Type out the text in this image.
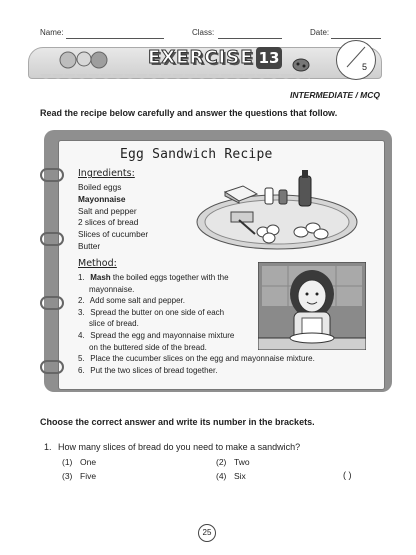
Name:	Class:	Date:
EXERCISE 13	5
INTERMEDIATE / MCQ
Read the recipe below carefully and answer the questions that follow.
Egg Sandwich Recipe
Ingredients:
Boiled eggs
Mayonnaise
Salt and pepper
2 slices of bread
Slices of cucumber
Butter
Method:
1. Mash the boiled eggs together with the
mayonnaise.
2. Add some salt and pepper.
3. Spread the butter on one side of each
slice of bread.
4. Spread the egg and mayonnaise mixture
on the buttered side of the bread.
5. Place the cucumber slices on the egg and mayonnaise mixture.
6. Put the two slices of bread together.
Choose the correct answer and write its number in the brackets.
1. How many slices of bread do you need to make a sandwich?
(1) One	(2) Two
(3) Five	(4) Six	( )
25
